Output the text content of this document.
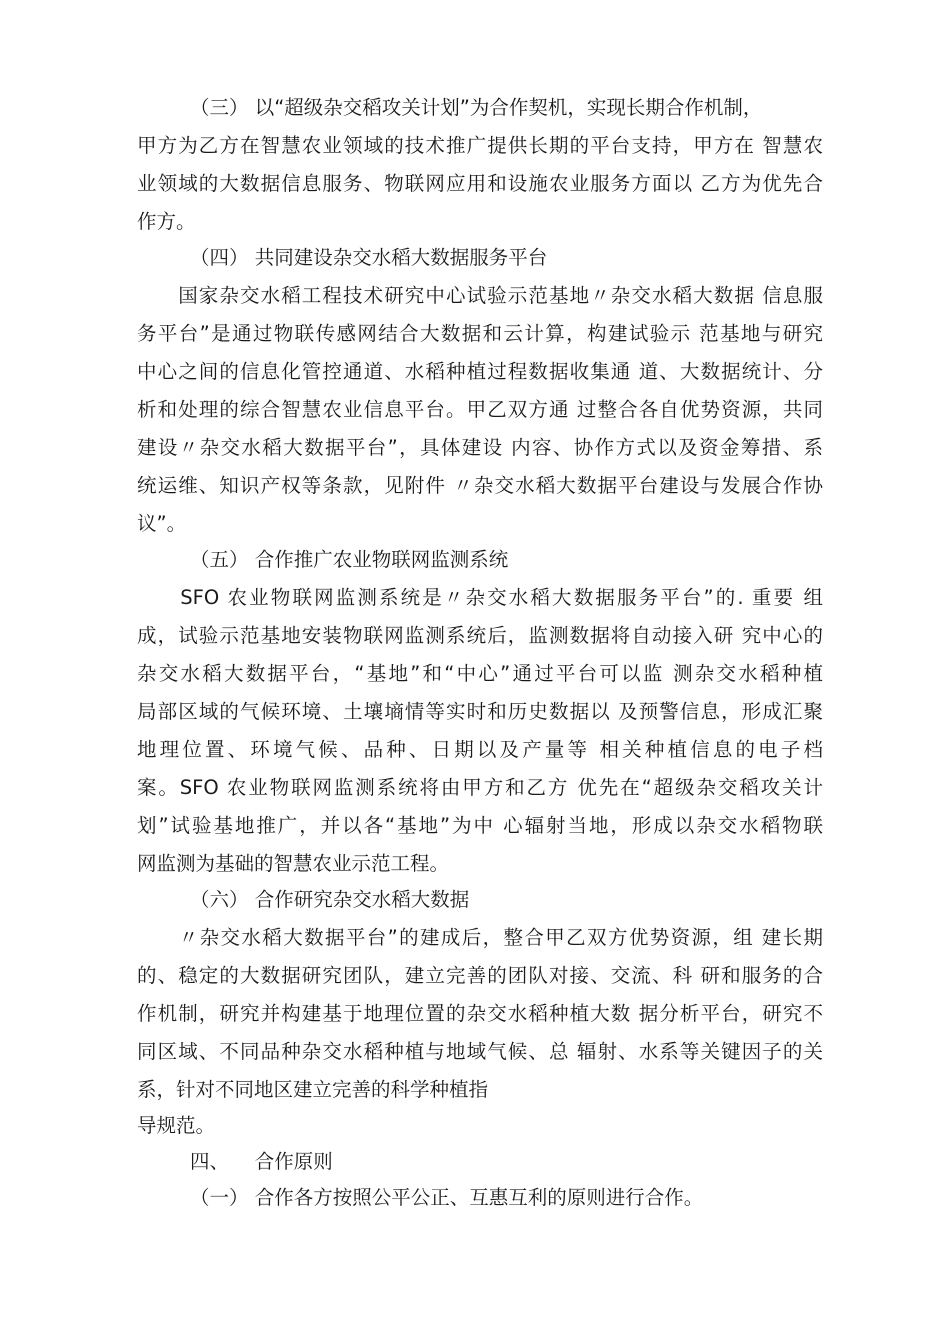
（三） 以“超级杂交稻攻关计划”为合作契机，实现长期合作机制，
甲方为乙方在智慧农业领域的技术推广提供长期的平台支持，甲方在 智慧农
业领域的大数据信息服务、物联网应用和设施农业服务方面以 乙方为优先合
作方。
（四） 共同建设杂交水稻大数据服务平台
　　国家杂交水稻工程技术研究中心试验示范基地〃杂交水稻大数据 信息服
务平台”是通过物联传感网结合大数据和云计算，构建试验示 范基地与研究
中心之间的信息化管控通道、水稻种植过程数据收集通 道、大数据统计、分
析和处理的综合智慧农业信息平台。甲乙双方通 过整合各自优势资源，共同
建设〃杂交水稻大数据平台”，具体建设 内容、协作方式以及资金筹措、系
统运维、知识产权等条款，见附件 〃杂交水稻大数据平台建设与发展合作协
议”。
（五） 合作推广农业物联网监测系统
　　SFO 农业物联网监测系统是〃杂交水稻大数据服务平台”的. 重要 组
成，试验示范基地安装物联网监测系统后，监测数据将自动接入研 究中心的
杂交水稻大数据平台，“基地”和“中心”通过平台可以监 测杂交水稻种植
局部区域的气候环境、土壤墒情等实时和历史数据以 及预警信息，形成汇聚
地理位置、环境气候、品种、日期以及产量等 相关种植信息的电子档
案。SFO 农业物联网监测系统将由甲方和乙方 优先在“超级杂交稻攻关计
划”试验基地推广，并以各“基地”为中 心辐射当地，形成以杂交水稻物联
网监测为基础的智慧农业示范工程。
（六） 合作研究杂交水稻大数据
　　〃杂交水稻大数据平台”的建成后，整合甲乙双方优势资源，组 建长期
的、稳定的大数据研究团队，建立完善的团队对接、交流、科 研和服务的合
作机制，研究并构建基于地理位置的杂交水稻种植大数 据分析平台，研究不
同区域、不同品种杂交水稻种植与地域气候、总 辐射、水系等关键因子的关
系，针对不同地区建立完善的科学种植指
导规范。
四、 　合作原则
（一） 合作各方按照公平公正、互惠互利的原则进行合作。
